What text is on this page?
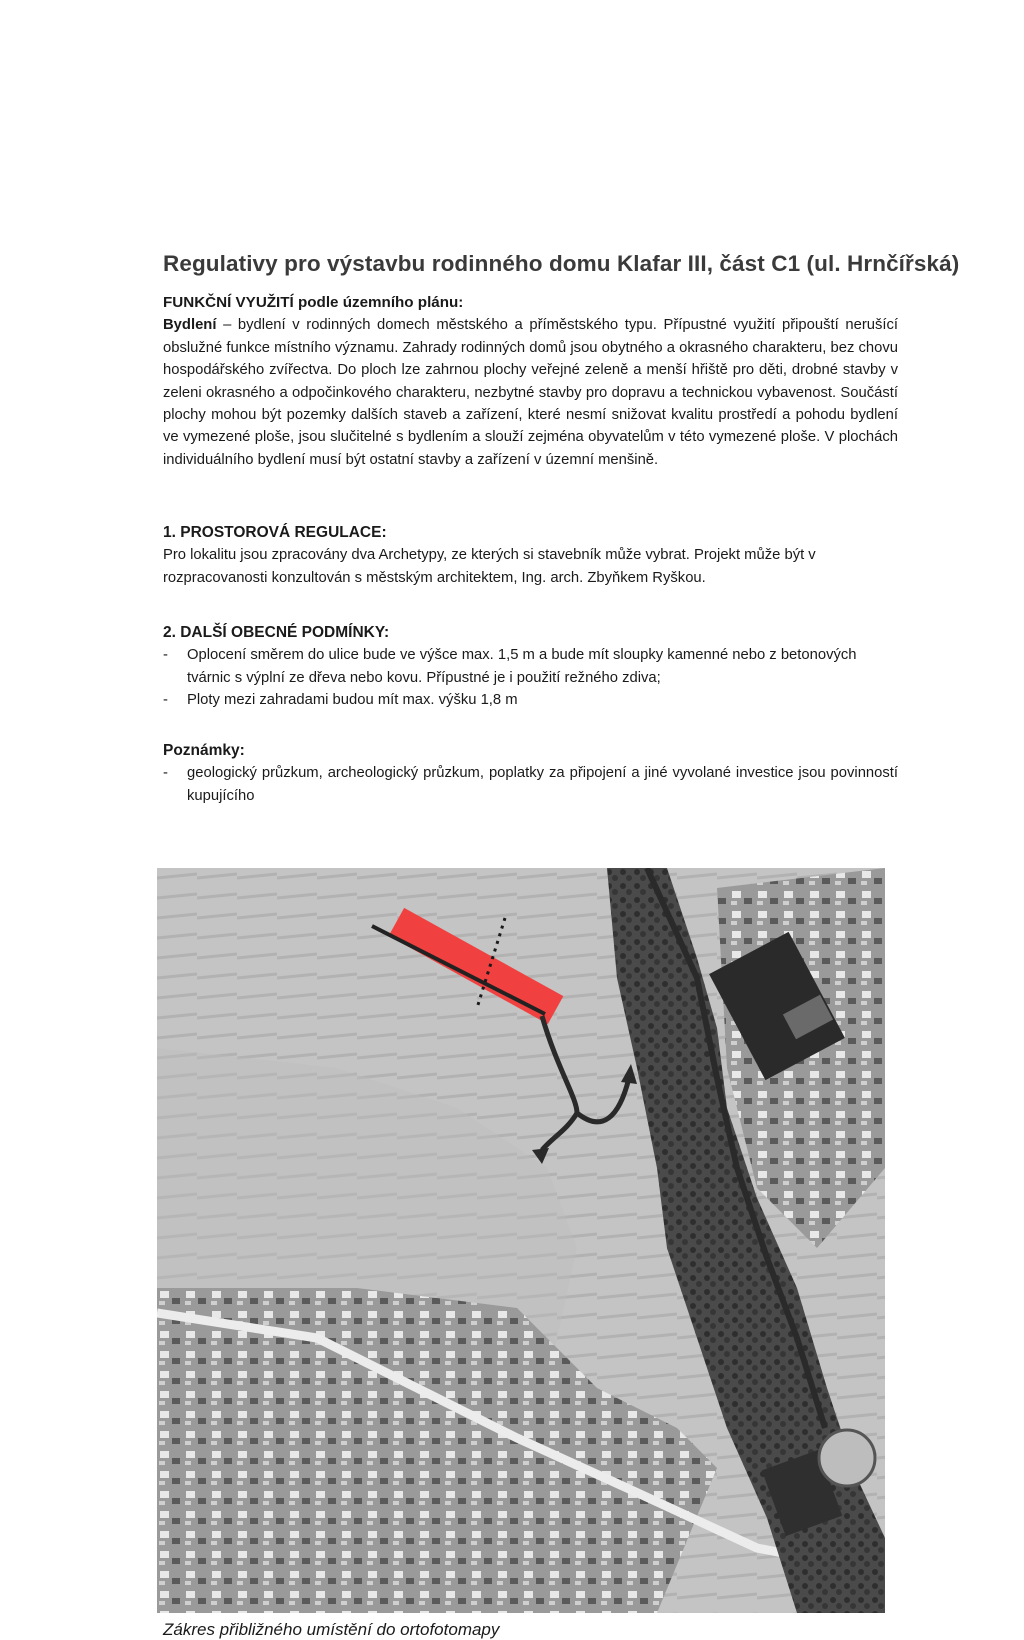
Regulativy pro výstavbu rodinného domu Klafar III, část C1 (ul. Hrnčířská)
FUNKČNÍ VYUŽITÍ podle územního plánu:
Bydlení – bydlení v rodinných domech městského a příměstského typu. Přípustné využití připouští nerušící obslužné funkce místního významu. Zahrady rodinných domů jsou obytného a okrasného charakteru, bez chovu hospodářského zvířectva. Do ploch lze zahrnou plochy veřejné zeleně a menší hřiště pro děti, drobné stavby v zeleni okrasného a odpočinkového charakteru, nezbytné stavby pro dopravu a technickou vybavenost. Součástí plochy mohou být pozemky dalších staveb a zařízení, které nesmí snižovat kvalitu prostředí a pohodu bydlení ve vymezené ploše, jsou slučitelné s bydlením a slouží zejména obyvatelům v této vymezené ploše. V plochách individuálního bydlení musí být ostatní stavby a zařízení v územní menšině.
1. PROSTOROVÁ REGULACE:
Pro lokalitu jsou zpracovány dva Archetypy, ze kterých si stavebník může vybrat. Projekt může být v rozpracovanosti konzultován s městským architektem, Ing. arch. Zbyňkem Ryškou.
2. DALŠÍ OBECNÉ PODMÍNKY:
-	Oplocení směrem do ulice bude ve výšce max. 1,5 m a bude mít sloupky kamenné nebo z betonových tvárnic s výplní ze dřeva nebo kovu. Přípustné je i použití režného zdiva;
-	Ploty mezi zahradami budou mít max. výšku 1,8 m
Poznámky:
-	geologický průzkum, archeologický průzkum, poplatky za připojení a jiné vyvolané investice jsou povinností kupujícího
Zákres přibližného umístění do ortofotomapy
